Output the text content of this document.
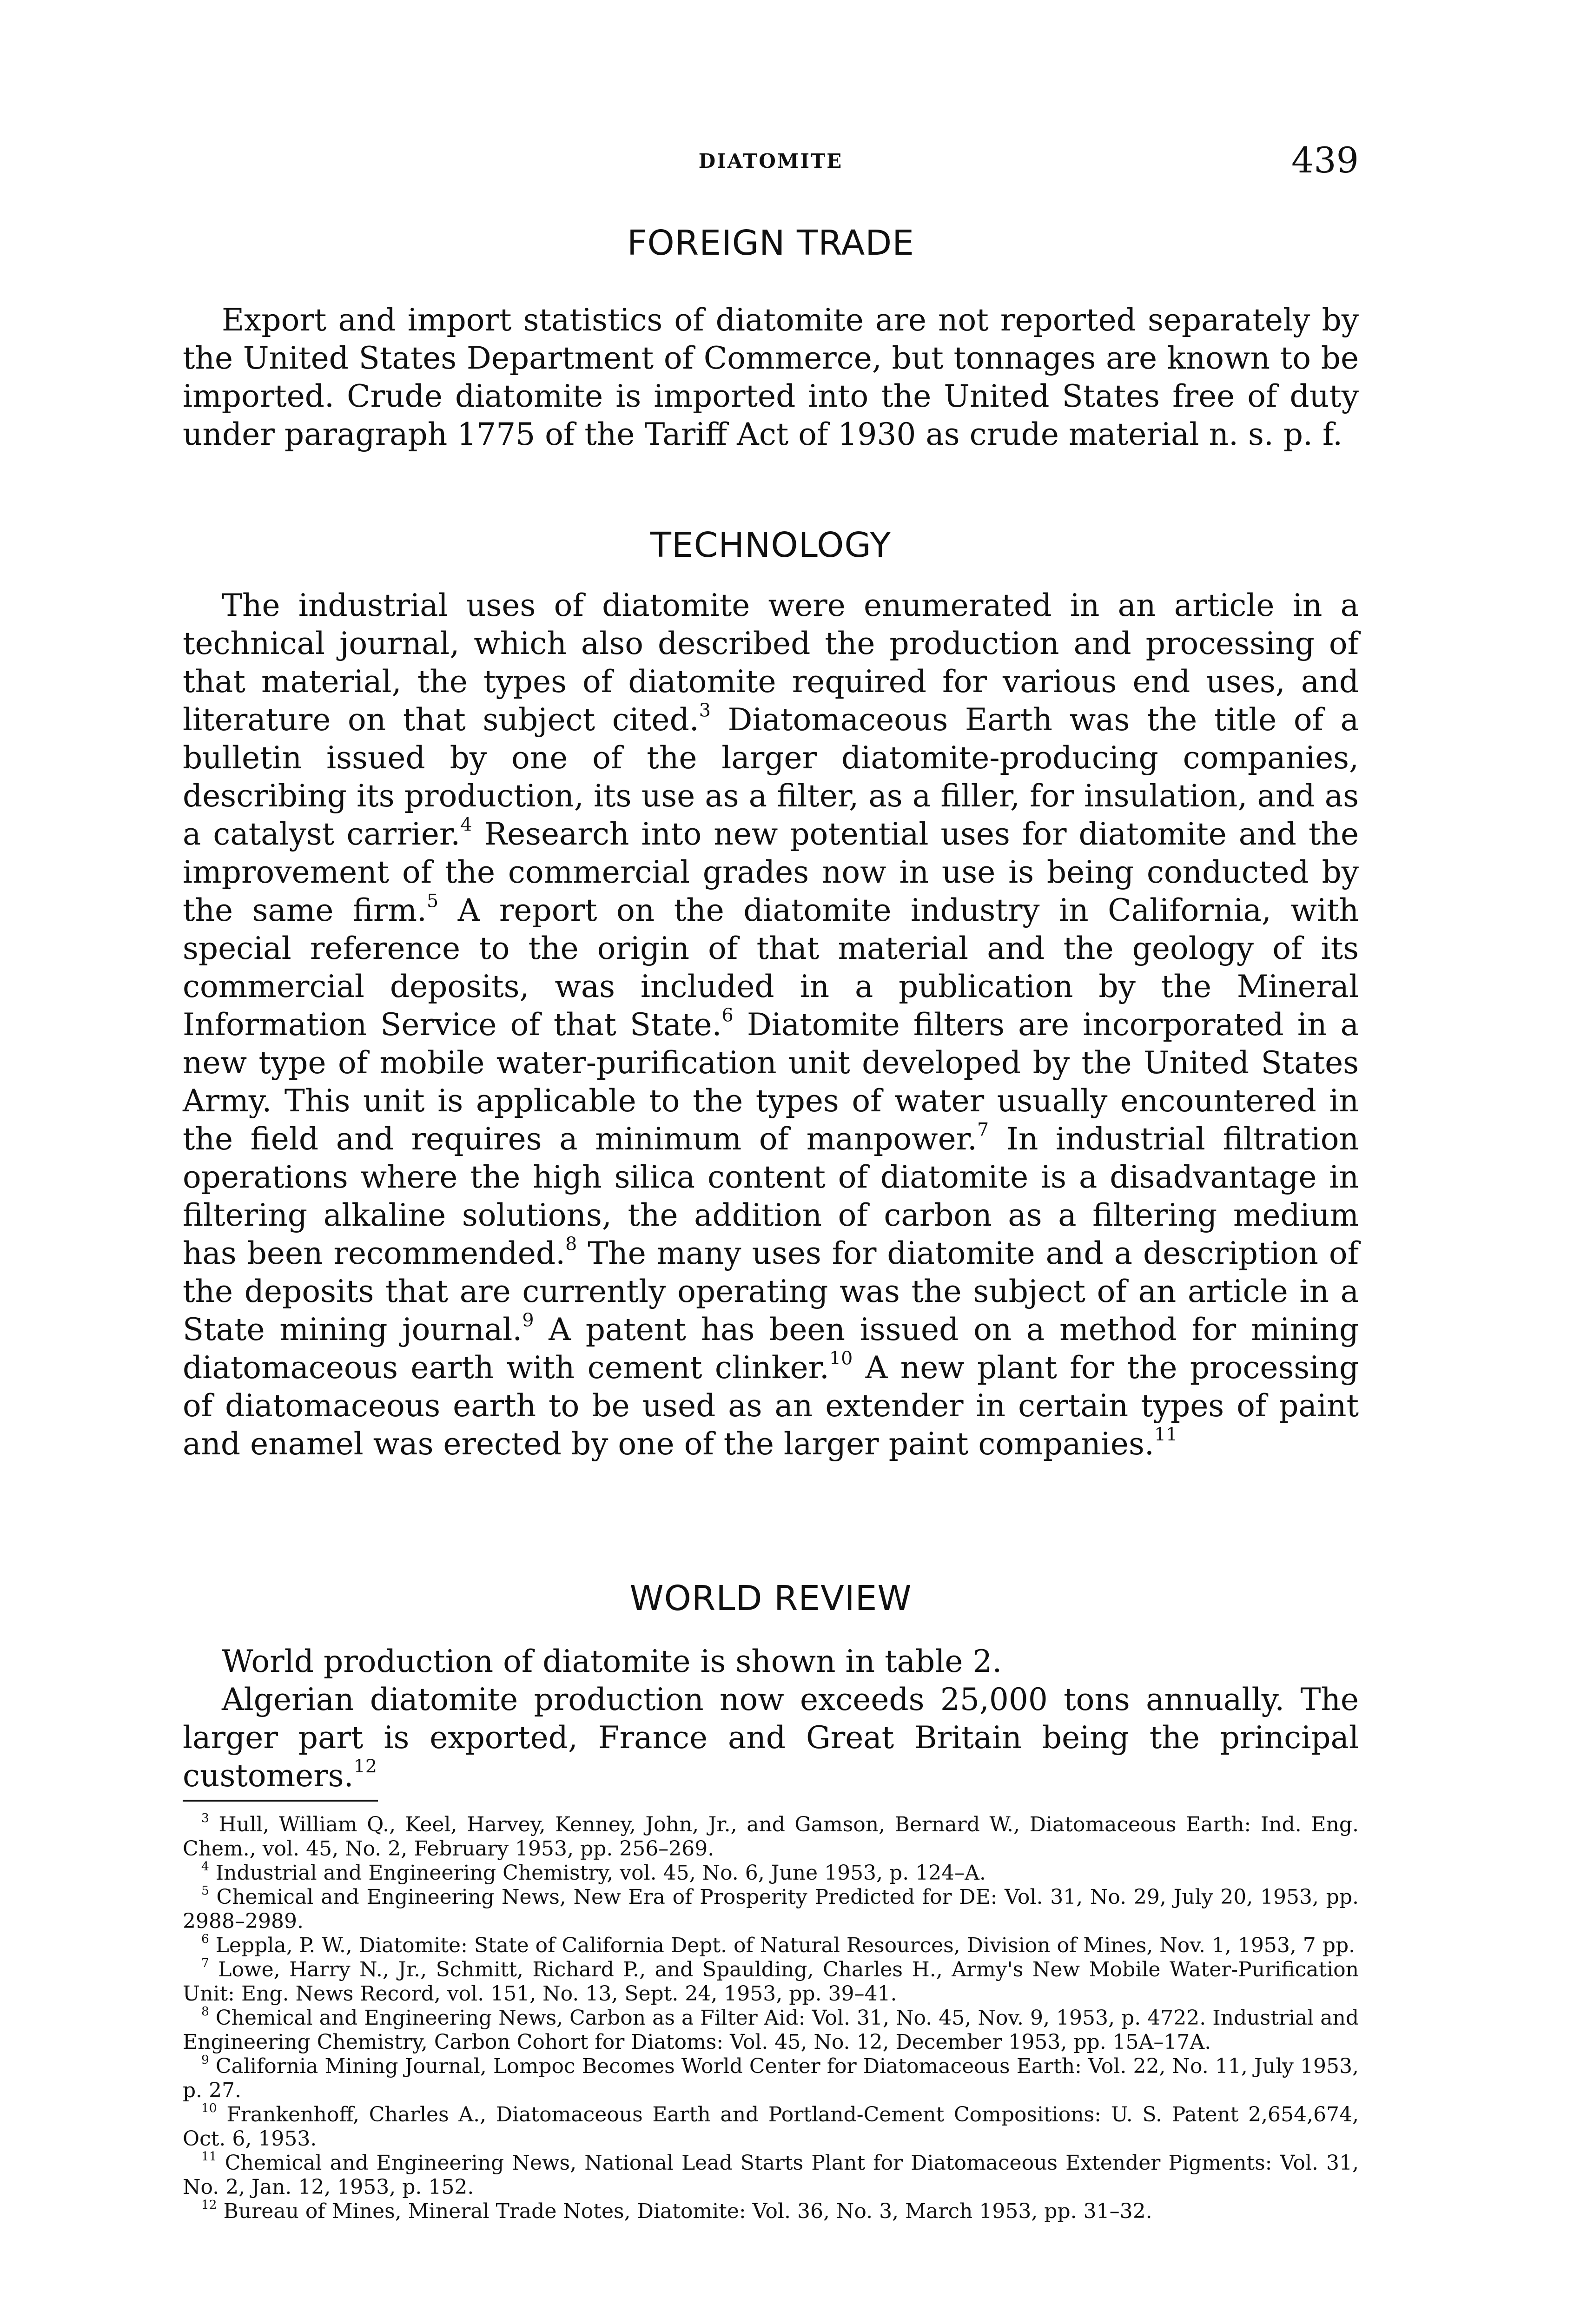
DIATOMITE	439
FOREIGN TRADE

Export and import statistics of diatomite are not reported separately by the United States Department of Commerce, but tonnages are known to be imported. Crude diatomite is imported into the United States free of duty under paragraph 1775 of the Tariff Act of 1930 as crude material n. s. p. f.

TECHNOLOGY

The industrial uses of diatomite were enumerated in an article in a technical journal, which also described the production and processing of that material, the types of diatomite required for various end uses, and literature on that subject cited.$^3$ Diatomaceous Earth was the title of a bulletin issued by one of the larger diatomite-producing companies, describing its production, its use as a filter, as a filler, for insulation, and as a catalyst carrier.$^4$ Research into new potential uses for diatomite and the improvement of the commercial grades now in use is being conducted by the same firm.$^5$ A report on the diatomite industry in California, with special reference to the origin of that material and the geology of its commercial deposits, was included in a publication by the Mineral Information Service of that State.$^6$ Diatomite filters are incorporated in a new type of mobile water-purification unit developed by the United States Army. This unit is applicable to the types of water usually encountered in the field and requires a minimum of manpower.$^7$ In industrial filtration operations where the high silica content of diatomite is a disadvantage in filtering alkaline solutions, the addition of carbon as a filtering medium has been recommended.$^8$ The many uses for diatomite and a description of the deposits that are currently operating was the subject of an article in a State mining journal.$^9$ A patent has been issued on a method for mining diatomaceous earth with cement clinker.$^{10}$ A new plant for the processing of diatomaceous earth to be used as an extender in certain types of paint and enamel was erected by one of the larger paint companies.$^{11}$

WORLD REVIEW

World production of diatomite is shown in table 2.

Algerian diatomite production now exceeds 25,000 tons annually. The larger part is exported, France and Great Britain being the principal customers.$^{12}$

$^3$ Hull, William Q., Keel, Harvey, Kenney, John, Jr., and Gamson, Bernard W., Diatomaceous Earth: Ind. Eng. Chem., vol. 45, No. 2, February 1953, pp. 256–269.

$^4$ Industrial and Engineering Chemistry, vol. 45, No. 6, June 1953, p. 124–A.

$^5$ Chemical and Engineering News, New Era of Prosperity Predicted for DE: Vol. 31, No. 29, July 20, 1953, pp. 2988–2989.

$^6$ Leppla, P. W., Diatomite: State of California Dept. of Natural Resources, Division of Mines, Nov. 1, 1953, 7 pp.

$^7$ Lowe, Harry N., Jr., Schmitt, Richard P., and Spaulding, Charles H., Army's New Mobile Water-Purification Unit: Eng. News Record, vol. 151, No. 13, Sept. 24, 1953, pp. 39–41.

$^8$ Chemical and Engineering News, Carbon as a Filter Aid: Vol. 31, No. 45, Nov. 9, 1953, p. 4722. Industrial and Engineering Chemistry, Carbon Cohort for Diatoms: Vol. 45, No. 12, December 1953, pp. 15A–17A.

$^9$ California Mining Journal, Lompoc Becomes World Center for Diatomaceous Earth: Vol. 22, No. 11, July 1953, p. 27.

$^{10}$ Frankenhoff, Charles A., Diatomaceous Earth and Portland-Cement Compositions: U. S. Patent 2,654,674, Oct. 6, 1953.

$^{11}$ Chemical and Engineering News, National Lead Starts Plant for Diatomaceous Extender Pigments: Vol. 31, No. 2, Jan. 12, 1953, p. 152.

$^{12}$ Bureau of Mines, Mineral Trade Notes, Diatomite: Vol. 36, No. 3, March 1953, pp. 31–32.
